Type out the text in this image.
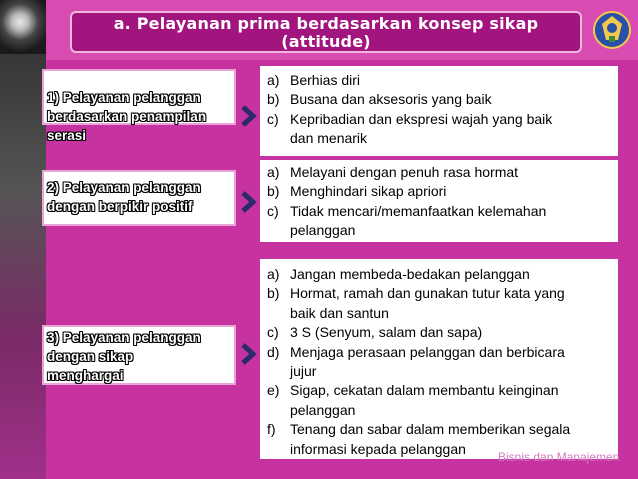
a. Pelayanan prima berdasarkan konsep sikap
(attitude)
1) Pelayanan pelanggan
berdasarkan penampilan
serasi
a) Berhias diri
b) Busana dan aksesoris yang baik
c) Kepribadian dan ekspresi wajah yang baik
dan menarik
2) Pelayanan pelanggan
dengan berpikir positif
a) Melayani dengan penuh rasa hormat
b) Menghindari sikap apriori
c) Tidak mencari/memanfaatkan kelemahan
pelanggan
3) Pelayanan pelanggan
dengan sikap
menghargai
a) Jangan membeda-bedakan pelanggan
b) Hormat, ramah dan gunakan tutur kata yang
baik dan santun
c) 3 S (Senyum, salam dan sapa)
d) Menjaga perasaan pelanggan dan berbicara
jujur
e) Sigap, cekatan dalam membantu keinginan
pelanggan
f) Tenang dan sabar dalam memberikan segala
informasi kepada pelanggan
Bisnis dan Manajemen
